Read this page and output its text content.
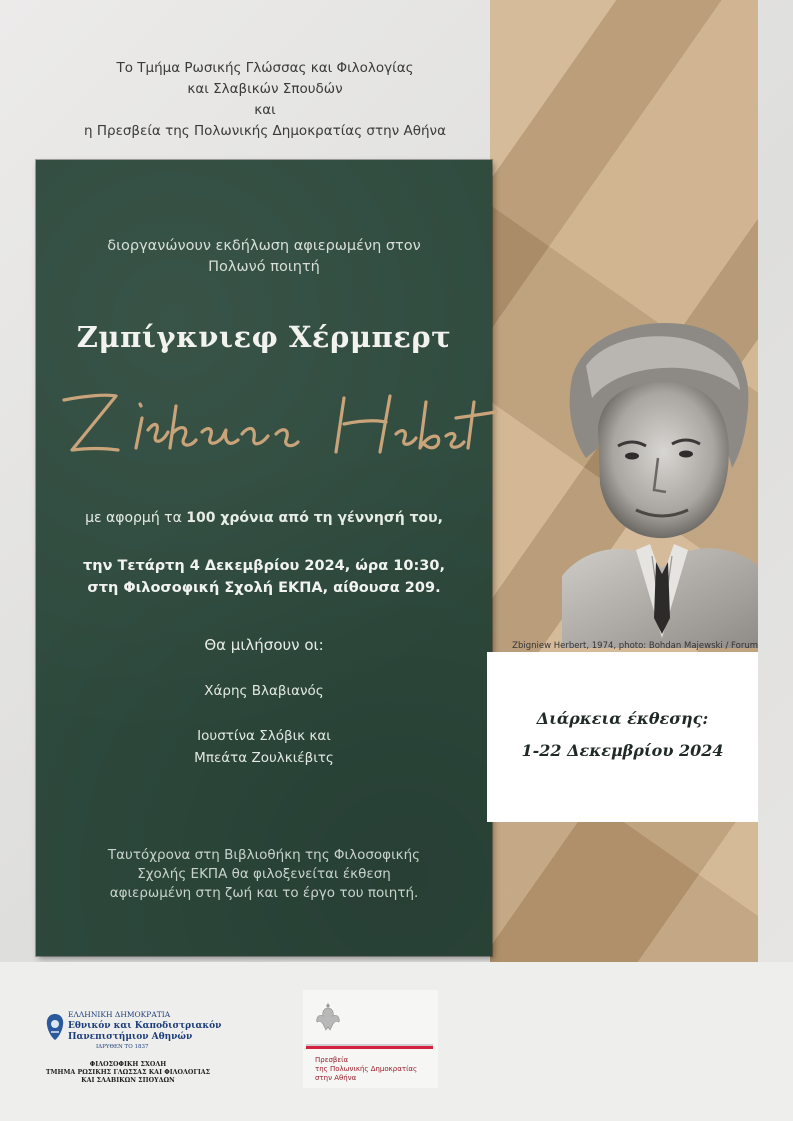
Το Τμήμα Ρωσικής Γλώσσας και Φιλολογίας
και Σλαβικών Σπουδών
και
η Πρεσβεία της Πολωνικής Δημοκρατίας στην Αθήνα
διοργανώνουν εκδήλωση αφιερωμένη στον
Πολωνό ποιητή
Ζμπίγκνιεφ Χέρμπερτ
με αφορμή τα 100 χρόνια από τη γέννησή του,
την Τετάρτη 4 Δεκεμβρίου 2024, ώρα 10:30,
στη Φιλοσοφική Σχολή ΕΚΠΑ, αίθουσα 209.
Θα μιλήσουν οι:
Χάρης Βλαβιανός
Ιουστίνα Σλόβικ και
Μπεάτα Ζουλκιέβιτς
Ταυτόχρονα στη Βιβλιοθήκη της Φιλοσοφικής
Σχολής ΕΚΠΑ θα φιλοξενείται έκθεση
αφιερωμένη στη ζωή και το έργο του ποιητή.
Zbigniew Herbert, 1974, photo: Bohdan Majewski / Forum
Διάρκεια έκθεσης:
1-22 Δεκεμβρίου 2024
ΕΛΛΗΝΙΚΗ ΔΗΜΟΚΡΑΤΙΑ
Εθνικόν και Καποδιστριακόν
Πανεπιστήμιον Αθηνών
ΙΔΡΥΘΕΝ ΤΟ 1837
ΦΙΛΟΣΟΦΙΚΗ ΣΧΟΛΗ
ΤΜΗΜΑ ΡΩΣΙΚΗΣ ΓΛΩΣΣΑΣ ΚΑΙ ΦΙΛΟΛΟΓΙΑΣ
ΚΑΙ ΣΛΑΒΙΚΩΝ ΣΠΟΥΔΩΝ
Πρεσβεία
της Πολωνικής Δημοκρατίας
στην Αθήνα
